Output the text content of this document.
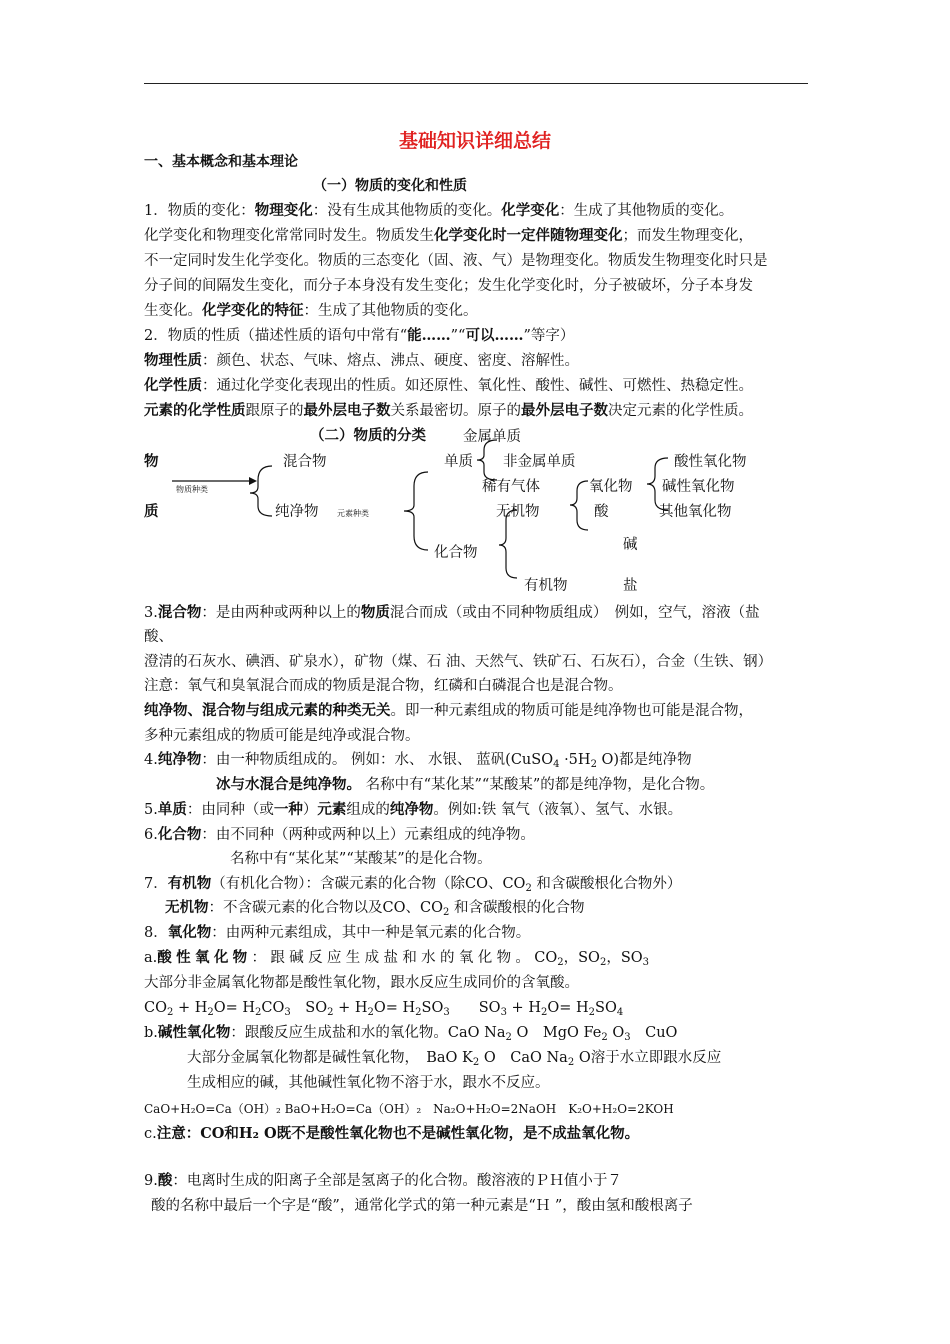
基础知识详细总结
一、基本概念和基本理论
（一）物质的变化和性质
1．物质的变化：物理变化：没有生成其他物质的变化。化学变化：生成了其他物质的变化。
化学变化和物理变化常常同时发生。物质发生化学变化时一定伴随物理变化；而发生物理变化，
不一定同时发生化学变化。物质的三态变化（固、液、气）是物理变化。物质发生物理变化时只是
分子间的间隔发生变化，而分子本身没有发生变化；发生化学变化时，分子被破坏，分子本身发
生变化。化学变化的特征：生成了其他物质的变化。
2．物质的性质（描述性质的语句中常有“能……”“可以……”等字）
物理性质：颜色、状态、气味、熔点、沸点、硬度、密度、溶解性。
化学性质：通过化学变化表现出的性质。如还原性、氧化性、酸性、碱性、可燃性、热稳定性。
元素的化学性质跟原子的最外层电子数关系最密切。原子的最外层电子数决定元素的化学性质。
（二）物质的分类	金属单质
物
质
物质种类
混合物
纯净物 元素种类
单质 非金属单质
稀有气体
无机物
化合物
有机物
氧化物
酸
碱
盐
酸性氧化物
碱性氧化物
其他氧化物
3.混合物：是由两种或两种以上的物质混合而成（或由不同种物质组成）　例如，空气，溶液（盐
酸、
澄清的石灰水、碘酒、矿泉水），矿物（煤、石 油、天然气、铁矿石、石灰石），合金（生铁、钢）
注意：氧气和臭氧混合而成的物质是混合物，红磷和白磷混合也是混合物。
纯净物、混合物与组成元素的种类无关。即一种元素组成的物质可能是纯净物也可能是混合物，
多种元素组成的物质可能是纯净或混合物。
4.纯净物：由一种物质组成的。 例如：水、 水银、 蓝矾(CuSO$_4$ $\cdot 5H_2$ O)都是纯净物
冰与水混合是纯净物。 名称中有“某化某”“某酸某”的都是纯净物，是化合物。
5.单质：由同种（或一种）元素组成的纯净物。例如:铁 氧气（液氧）、氢气、水银。
6.化合物：由不同种（两种或两种以上）元素组成的纯净物。
名称中有“某化某”“某酸某”的是化合物。
7．有机物（有机化合物）：含碳元素的化合物（除CO、$CO_2$ 和含碳酸根化合物外）
无机物：不含碳元素的化合物以及CO、$CO_2$ 和含碳酸根的化合物
8．氧化物：由两种元素组成，其中一种是氧元素的化合物。
a.酸性氧化物：跟碱反应生成盐和水的氧化物。$CO_2$，$SO_2$，$SO_3$
大部分非金属氧化物都是酸性氧化物，跟水反应生成同价的含氧酸。
$CO_2 + H_2O= H_2CO_3$　$SO_2 + H_2O= H_2SO_3$　　$SO_3 + H_2O= H_2SO_4$
b.碱性氧化物：跟酸反应生成盐和水的氧化物。CaO $Na_2$ O　MgO $Fe_2$ $O_3$　CuO
大部分金属氧化物都是碱性氧化物，　BaO $K_2$ O　CaO $Na_2$ O溶于水立即跟水反应
生成相应的碱，其他碱性氧化物不溶于水，跟水不反应。
CaO+H₂O=Ca（OH）₂ BaO+H₂O=Ca（OH）₂　Na₂O+H₂O=2NaOH　K₂O+H₂O=2KOH
c.注意：CO和H₂ O既不是酸性氧化物也不是碱性氧化物，是不成盐氧化物。
9.酸：电离时生成的阳离子全部是氢离子的化合物。酸溶液的ＰＨ值小于７
酸的名称中最后一个字是“酸”，通常化学式的第一种元素是“Ｈ ”，酸由氢和酸根离子
